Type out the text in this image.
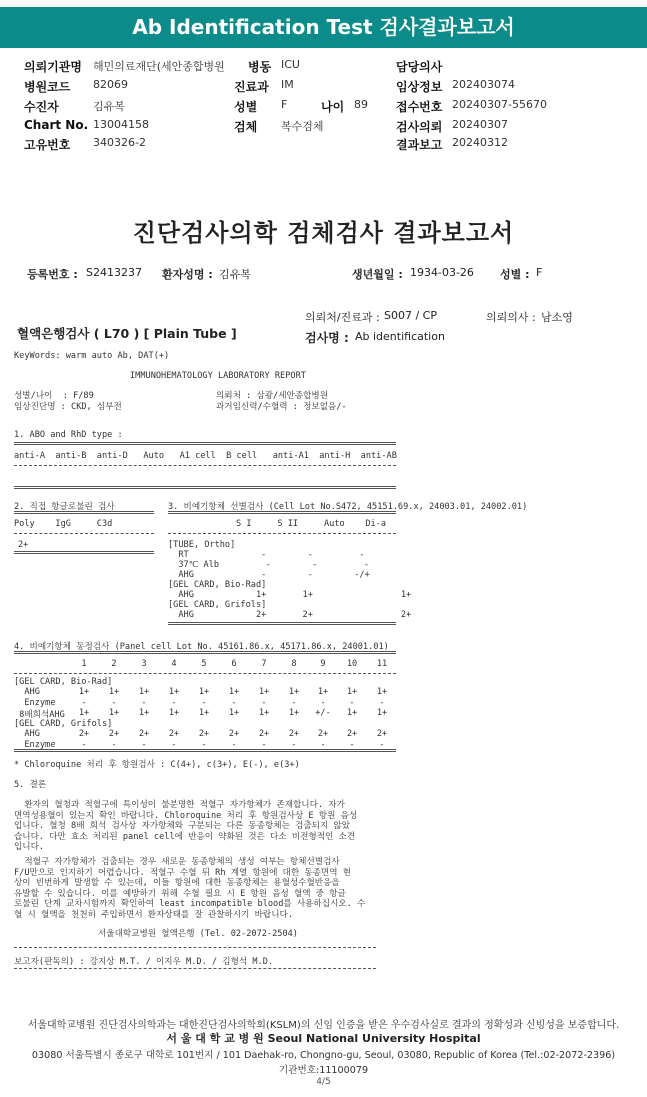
Ab Identification Test 검사결과보고서
의뢰기관명 해민의료재단(세안종합병원 병동 ICU	담당의사
병원코드 82069	진료과 IM	임상정보 202403074
수진자	김유복	성별 F	나이 89 접수번호 20240307-55670
Chart No. 13004158	검체 복수검체	검사의뢰 20240307
고유번호 340326-2	결과보고 20240312
진단검사의학 검체검사 결과보고서
등록번호 : S2413237 환자성명 : 김유복	생년월일 : 1934-03-26 성별 : F
의뢰처/진료과 : S007 / CP	의뢰의사 : 남소영
혈액은행검사 ( L70 ) [ Plain Tube ]	검사명 : Ab identification
KeyWords: warm auto Ab, DAT(+)
IMMUNOHEMATOLOGY LABORATORY REPORT
성별/나이  : F/89
임상진단명 : CKD, 심부전
의뢰처 : 삼광/세안종합병원
과거임신력/수혈력 : 정보없음/-
1. ABO and RhD type :
anti-A  anti-B  anti-D   Auto   A1 cell  B cell   anti-A1  anti-H  anti-AB
2. 직접 항글로불린 검사
Poly    IgG     C3d
2+
3. 비예기항체 선별검사 (Cell Lot No.S472, 45151.69.x, 24003.01, 24002.01)
S I     S II     Auto    Di-a
[TUBE, Ortho]
RT              -        -         -
37℃ Alb         -        -         -
AHG             -        -        -/+
[GEL CARD, Bio-Rad]
AHG            1+       1+                 1+
[GEL CARD, Grifols]
AHG            2+       2+                 2+
4. 비예기항체 동정검사 (Panel cell Lot No. 45161.86.x, 45171.86.x, 24001.01)
1	2	3	4	5	6	7	8	9	10	11
[GEL CARD, Bio-Rad]
AHG	1+	1+	1+	1+	1+	1+	1+	1+	1+	1+	1+
Enzyme	-	-	-	-	-	-	-	-	-	-	-
8배희석AHG	1+	1+	1+	1+	1+	1+	1+	1+	+/-	1+	1+
[GEL CARD, Grifols]
AHG	2+	2+	2+	2+	2+	2+	2+	2+	2+	2+	2+
Enzyme	-	-	-	-	-	-	-	-	-	-	-
* Chloroquine 처리 후 항원검사 : C(4+), c(3+), E(-), e(3+)
5. 결론
환자의 혈청과 적혈구에 특이성이 불분명한 적혈구 자가항체가 존재합니다. 자가
면역성용혈이 있는지 확인 바랍니다. Chloroquine 처리 후 항원검사상 E 항원 음성
입니다. 혈청 8배 희석 검사상 자가항체와 구분되는 다른 동종항체는 검출되지 않았
습니다. 다만 효소 처리된 panel cell에 반응이 약화된 것은 다소 비전형적인 소견
입니다.
적혈구 자가항체가 검출되는 경우 새로운 동종항체의 생성 여부는 항체선별검사
F/U만으로 인지하기 어렵습니다. 적혈구 수혈 뒤 Rh 계열 항원에 대한 동종면역 현
상이 빈번하게 발생할 수 있는데, 이들 항원에 대한 동종항체는 용혈성수혈반응을
유발할 수 있습니다. 이를 예방하기 위해 수혈 필요 시 E 항원 음성 혈액 중 항글
로불린 단계 교차시험까지 확인하여 least incompatible blood를 사용하십시오. 수
혈 시 혈액을 천천히 주입하면서 환자상태를 잘 관찰하시기 바랍니다.
서울대학교병원 혈액은행 (Tel. 02-2072-2504)
보고자(판독의) : 강지상 M.T. / 이지우 M.D. / 김형석 M.D.
서울대학교병원 진단검사의학과는 대한진단검사의학회(KSLM)의 신임 인증을 받은 우수검사실로 결과의 정확성과 신빙성을 보증합니다.
서 울 대 학 교 병 원 Seoul National University Hospital
03080 서울특별시 종로구 대학로 101번지 / 101 Daehak-ro, Chongno-gu, Seoul, 03080, Republic of Korea (Tel.:02-2072-2396)
기관번호:11100079
4/5
